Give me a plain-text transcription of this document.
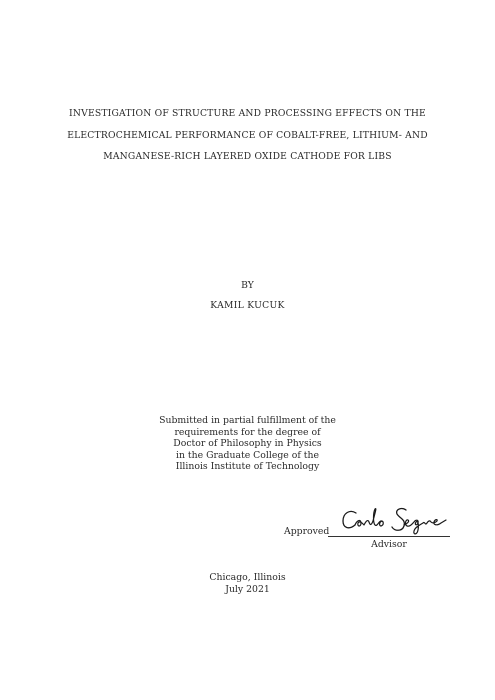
INVESTIGATION OF STRUCTURE AND PROCESSING EFFECTS ON THE
ELECTROCHEMICAL PERFORMANCE OF COBALT-FREE, LITHIUM- AND
MANGANESE-RICH LAYERED OXIDE CATHODE FOR LIBS
BY
KAMIL KUCUK
Submitted in partial fulfillment of the
requirements for the degree of
Doctor of Philosophy in Physics
in the Graduate College of the
Illinois Institute of Technology
Approved
Advisor
Chicago, Illinois
July 2021
